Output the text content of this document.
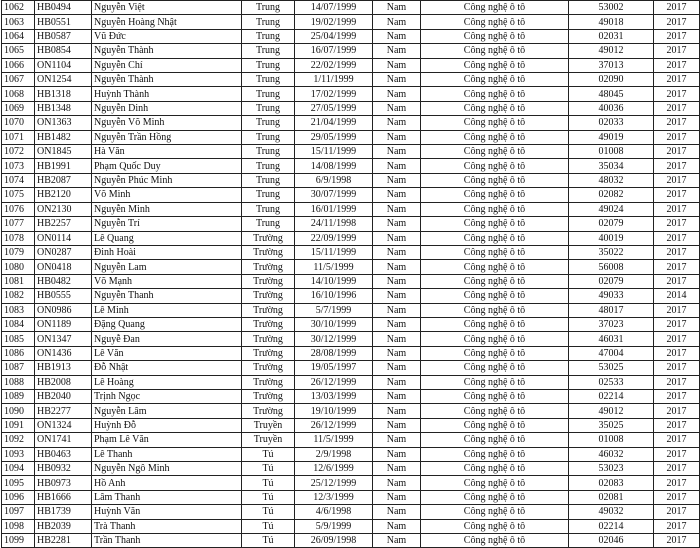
1062	HB0494	Nguyễn Việt	Trung	14/07/1999	Nam	Công nghệ ô tô	53002	2017
1063	HB0551	Nguyễn Hoàng Nhật	Trung	19/02/1999	Nam	Công nghệ ô tô	49018	2017
1064	HB0587	Vũ Đức	Trung	25/04/1999	Nam	Công nghệ ô tô	02031	2017
1065	HB0854	Nguyễn Thành	Trung	16/07/1999	Nam	Công nghệ ô tô	49012	2017
1066	ON1104	Nguyễn Chí	Trung	22/02/1999	Nam	Công nghệ ô tô	37013	2017
1067	ON1254	Nguyễn Thành	Trung	1/11/1999	Nam	Công nghệ ô tô	02090	2017
1068	HB1318	Huỳnh Thành	Trung	17/02/1999	Nam	Công nghệ ô tô	48045	2017
1069	HB1348	Nguyễn Dinh	Trung	27/05/1999	Nam	Công nghệ ô tô	40036	2017
1070	ON1363	Nguyễn Võ Minh	Trung	21/04/1999	Nam	Công nghệ ô tô	02033	2017
1071	HB1482	Nguyễn Trần Hồng	Trung	29/05/1999	Nam	Công nghệ ô tô	49019	2017
1072	ON1845	Hà Văn	Trung	15/11/1999	Nam	Công nghệ ô tô	01008	2017
1073	HB1991	Phạm Quốc Duy	Trung	14/08/1999	Nam	Công nghệ ô tô	35034	2017
1074	HB2087	Nguyễn Phúc Minh	Trung	6/9/1998	Nam	Công nghệ ô tô	48032	2017
1075	HB2120	Võ Minh	Trung	30/07/1999	Nam	Công nghệ ô tô	02082	2017
1076	ON2130	Nguyễn Minh	Trung	16/01/1999	Nam	Công nghệ ô tô	49024	2017
1077	HB2257	Nguyễn Trí	Trung	24/11/1998	Nam	Công nghệ ô tô	02079	2017
1078	ON0114	Lê Quang	Trường	22/09/1999	Nam	Công nghệ ô tô	40019	2017
1079	ON0287	Đinh Hoài	Trường	15/11/1999	Nam	Công nghệ ô tô	35022	2017
1080	ON0418	Nguyễn Lam	Trường	11/5/1999	Nam	Công nghệ ô tô	56008	2017
1081	HB0482	Võ Mạnh	Trường	14/10/1999	Nam	Công nghệ ô tô	02079	2017
1082	HB0555	Nguyễn Thanh	Trường	16/10/1996	Nam	Công nghệ ô tô	49033	2014
1083	ON0986	Lê Minh	Trường	5/7/1999	Nam	Công nghệ ô tô	48017	2017
1084	ON1189	Đặng Quang	Trường	30/10/1999	Nam	Công nghệ ô tô	37023	2017
1085	ON1347	Nguyễ Đan	Trường	30/12/1999	Nam	Công nghệ ô tô	46031	2017
1086	ON1436	Lê Văn	Trường	28/08/1999	Nam	Công nghệ ô tô	47004	2017
1087	HB1913	Đỗ Nhật	Trường	19/05/1997	Nam	Công nghệ ô tô	53025	2017
1088	HB2008	Lê Hoàng	Trường	26/12/1999	Nam	Công nghệ ô tô	02533	2017
1089	HB2040	Trịnh Ngọc	Trường	13/03/1999	Nam	Công nghệ ô tô	02214	2017
1090	HB2277	Nguyễn Lâm	Trường	19/10/1999	Nam	Công nghệ ô tô	49012	2017
1091	ON1324	Huỳnh Đỗ	Truyền	26/12/1999	Nam	Công nghệ ô tô	35025	2017
1092	ON1741	Phạm Lê Văn	Truyền	11/5/1999	Nam	Công nghệ ô tô	01008	2017
1093	HB0463	Lê Thanh	Tú	2/9/1998	Nam	Công nghệ ô tô	46032	2017
1094	HB0932	Nguyễn Ngô Minh	Tú	12/6/1999	Nam	Công nghệ ô tô	53023	2017
1095	HB0973	Hồ Anh	Tú	25/12/1999	Nam	Công nghệ ô tô	02083	2017
1096	HB1666	Lâm Thanh	Tú	12/3/1999	Nam	Công nghệ ô tô	02081	2017
1097	HB1739	Huỳnh Văn	Tú	4/6/1998	Nam	Công nghệ ô tô	49032	2017
1098	HB2039	Trà Thanh	Tú	5/9/1999	Nam	Công nghệ ô tô	02214	2017
1099	HB2281	Trần Thanh	Tú	26/09/1998	Nam	Công nghệ ô tô	02046	2017
